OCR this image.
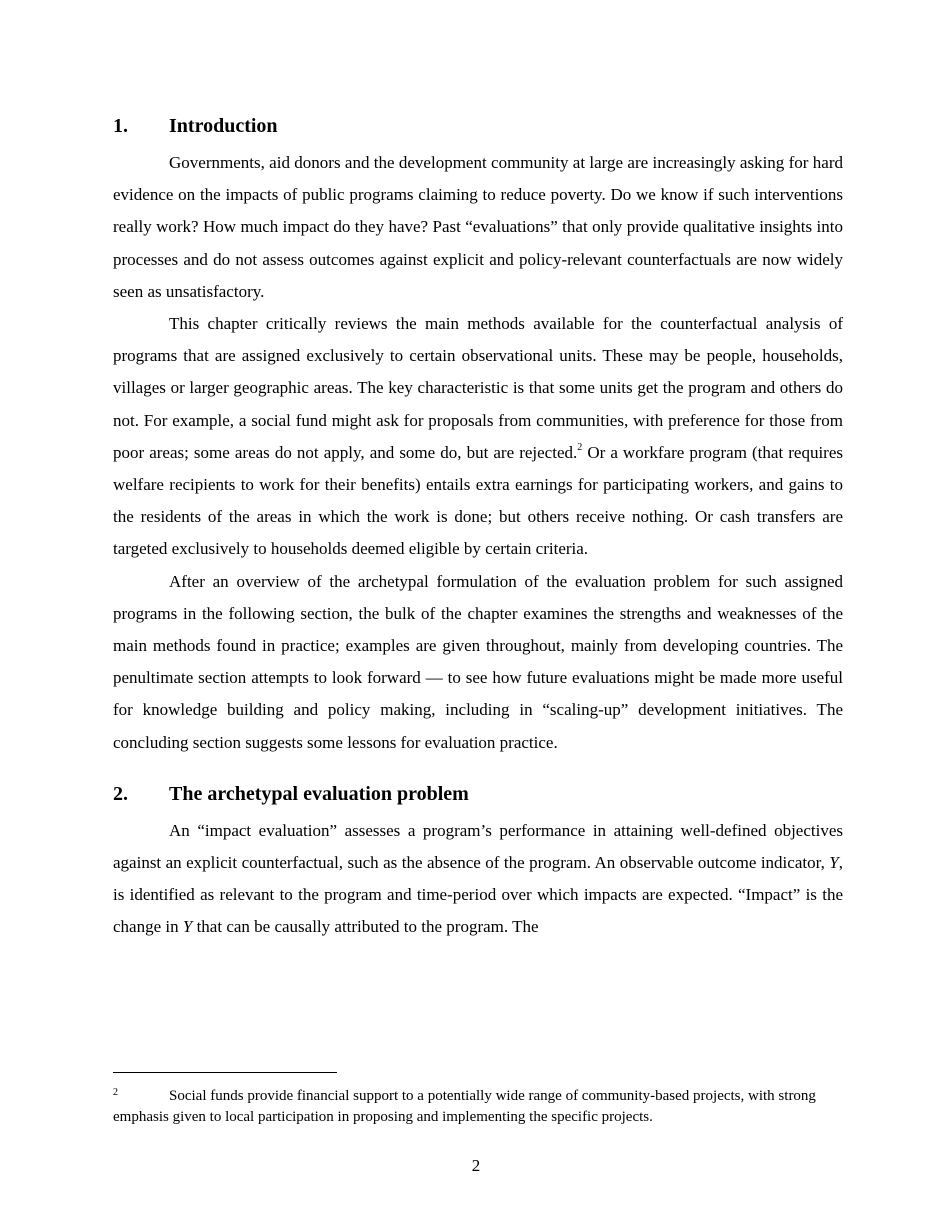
1.	Introduction

Governments, aid donors and the development community at large are increasingly asking for hard evidence on the impacts of public programs claiming to reduce poverty. Do we know if such interventions really work? How much impact do they have? Past “evaluations” that only provide qualitative insights into processes and do not assess outcomes against explicit and policy-relevant counterfactuals are now widely seen as unsatisfactory.

This chapter critically reviews the main methods available for the counterfactual analysis of programs that are assigned exclusively to certain observational units. These may be people, households, villages or larger geographic areas. The key characteristic is that some units get the program and others do not. For example, a social fund might ask for proposals from communities, with preference for those from poor areas; some areas do not apply, and some do, but are rejected.$^2$ Or a workfare program (that requires welfare recipients to work for their benefits) entails extra earnings for participating workers, and gains to the residents of the areas in which the work is done; but others receive nothing. Or cash transfers are targeted exclusively to households deemed eligible by certain criteria.

After an overview of the archetypal formulation of the evaluation problem for such assigned programs in the following section, the bulk of the chapter examines the strengths and weaknesses of the main methods found in practice; examples are given throughout, mainly from developing countries. The penultimate section attempts to look forward — to see how future evaluations might be made more useful for knowledge building and policy making, including in “scaling-up” development initiatives. The concluding section suggests some lessons for evaluation practice.

2.	The archetypal evaluation problem

An “impact evaluation” assesses a program’s performance in attaining well-defined objectives against an explicit counterfactual, such as the absence of the program. An observable outcome indicator, Y, is identified as relevant to the program and time-period over which impacts are expected. “Impact” is the change in Y that can be causally attributed to the program. The

2	Social funds provide financial support to a potentially wide range of community-based projects, with strong emphasis given to local participation in proposing and implementing the specific projects.
2
